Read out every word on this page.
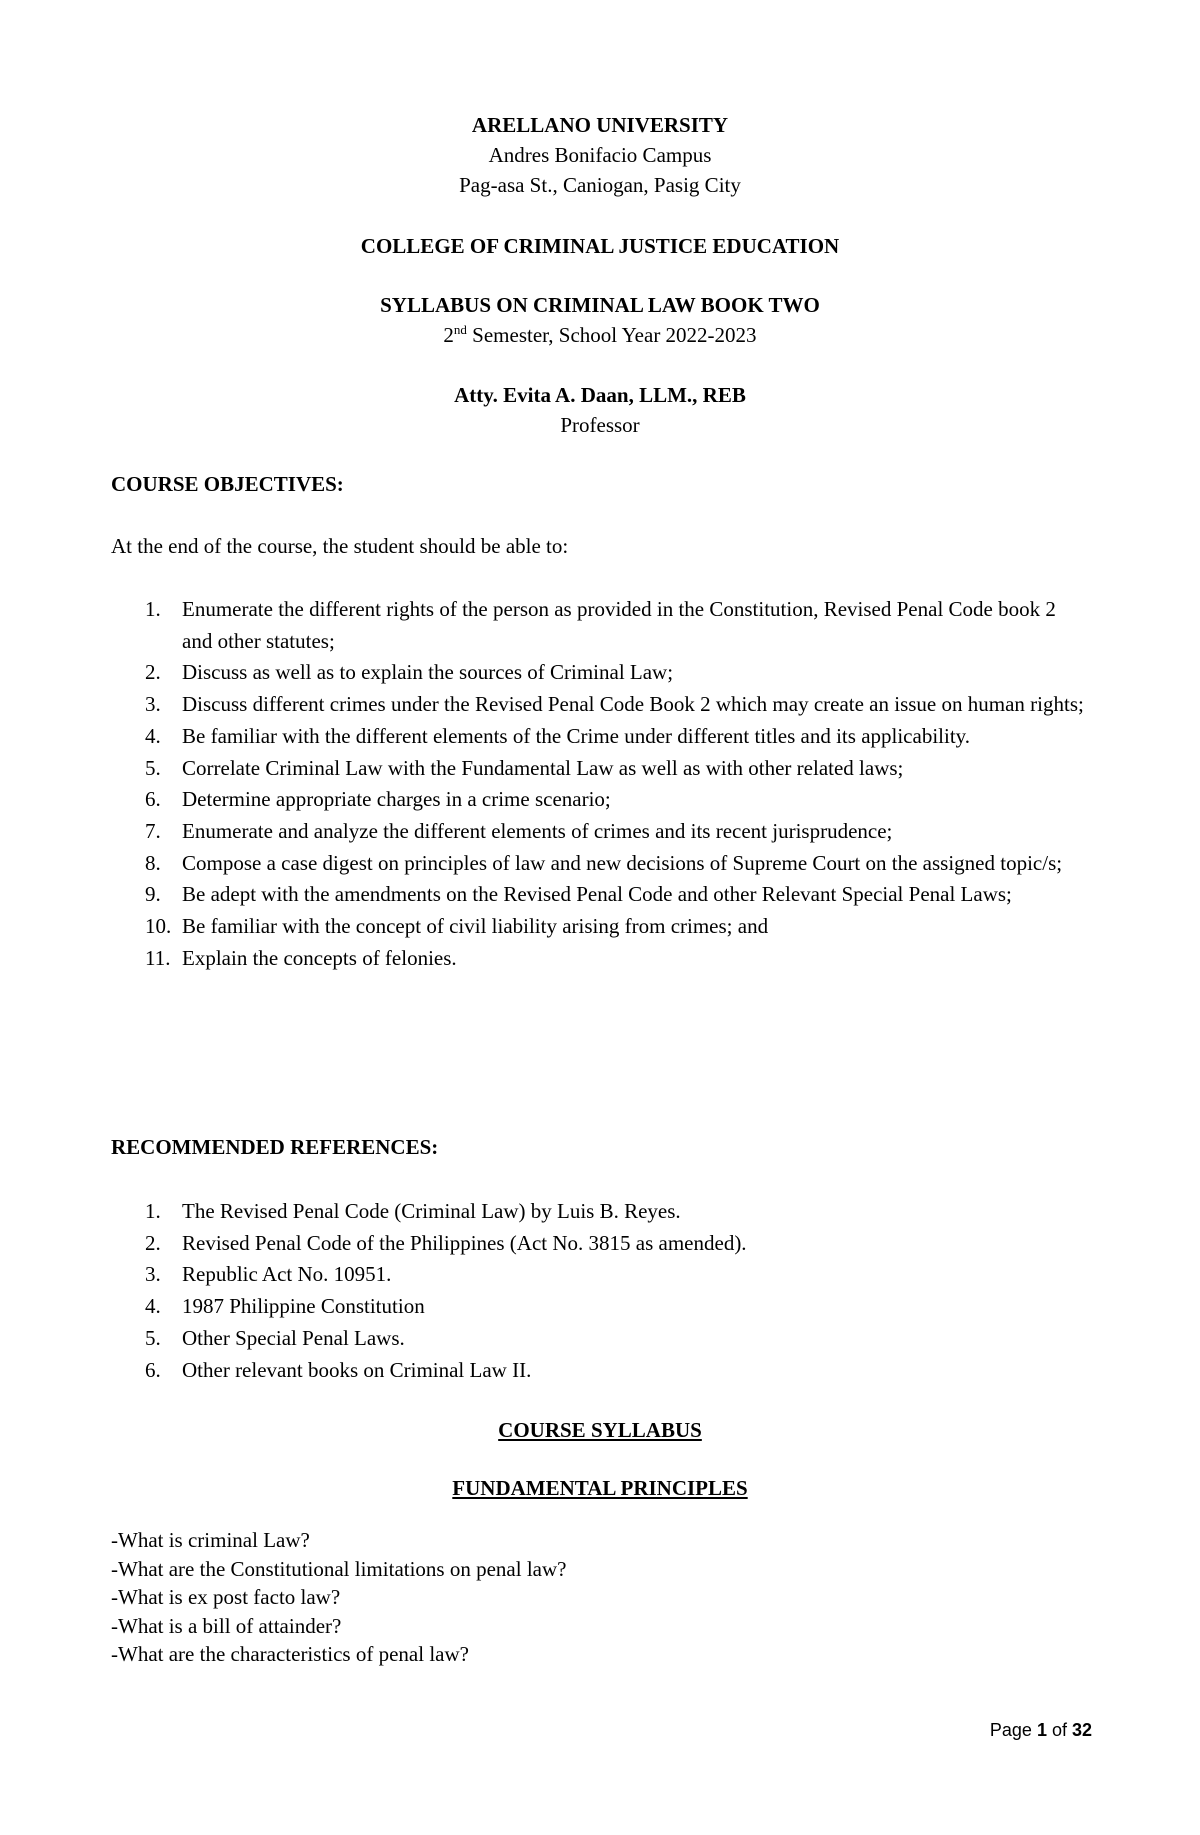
ARELLANO UNIVERSITY
Andres Bonifacio Campus
Pag-asa St., Caniogan, Pasig City
COLLEGE OF CRIMINAL JUSTICE EDUCATION
SYLLABUS ON CRIMINAL LAW BOOK TWO
2nd Semester, School Year 2022-2023
Atty. Evita A. Daan, LLM., REB
Professor
COURSE OBJECTIVES:
At the end of the course, the student should be able to:
1. Enumerate the different rights of the person as provided in the Constitution, Revised Penal Code book 2 and other statutes;
2. Discuss as well as to explain the sources of Criminal Law;
3. Discuss different crimes under the Revised Penal Code Book 2 which may create an issue on human rights;
4. Be familiar with the different elements of the Crime under different titles and its applicability.
5. Correlate Criminal Law with the Fundamental Law as well as with other related laws;
6. Determine appropriate charges in a crime scenario;
7. Enumerate and analyze the different elements of crimes and its recent jurisprudence;
8. Compose a case digest on principles of law and new decisions of Supreme Court on the assigned topic/s;
9. Be adept with the amendments on the Revised Penal Code and other Relevant Special Penal Laws;
10. Be familiar with the concept of civil liability arising from crimes; and
11. Explain the concepts of felonies.
RECOMMENDED REFERENCES:
1. The Revised Penal Code (Criminal Law) by Luis B. Reyes.
2. Revised Penal Code of the Philippines (Act No. 3815 as amended).
3. Republic Act No. 10951.
4. 1987 Philippine Constitution
5. Other Special Penal Laws.
6. Other relevant books on Criminal Law II.
COURSE SYLLABUS
FUNDAMENTAL PRINCIPLES
-What is criminal Law?
-What are the Constitutional limitations on penal law?
-What is ex post facto law?
-What is a bill of attainder?
-What are the characteristics of penal law?
Page 1 of 32
